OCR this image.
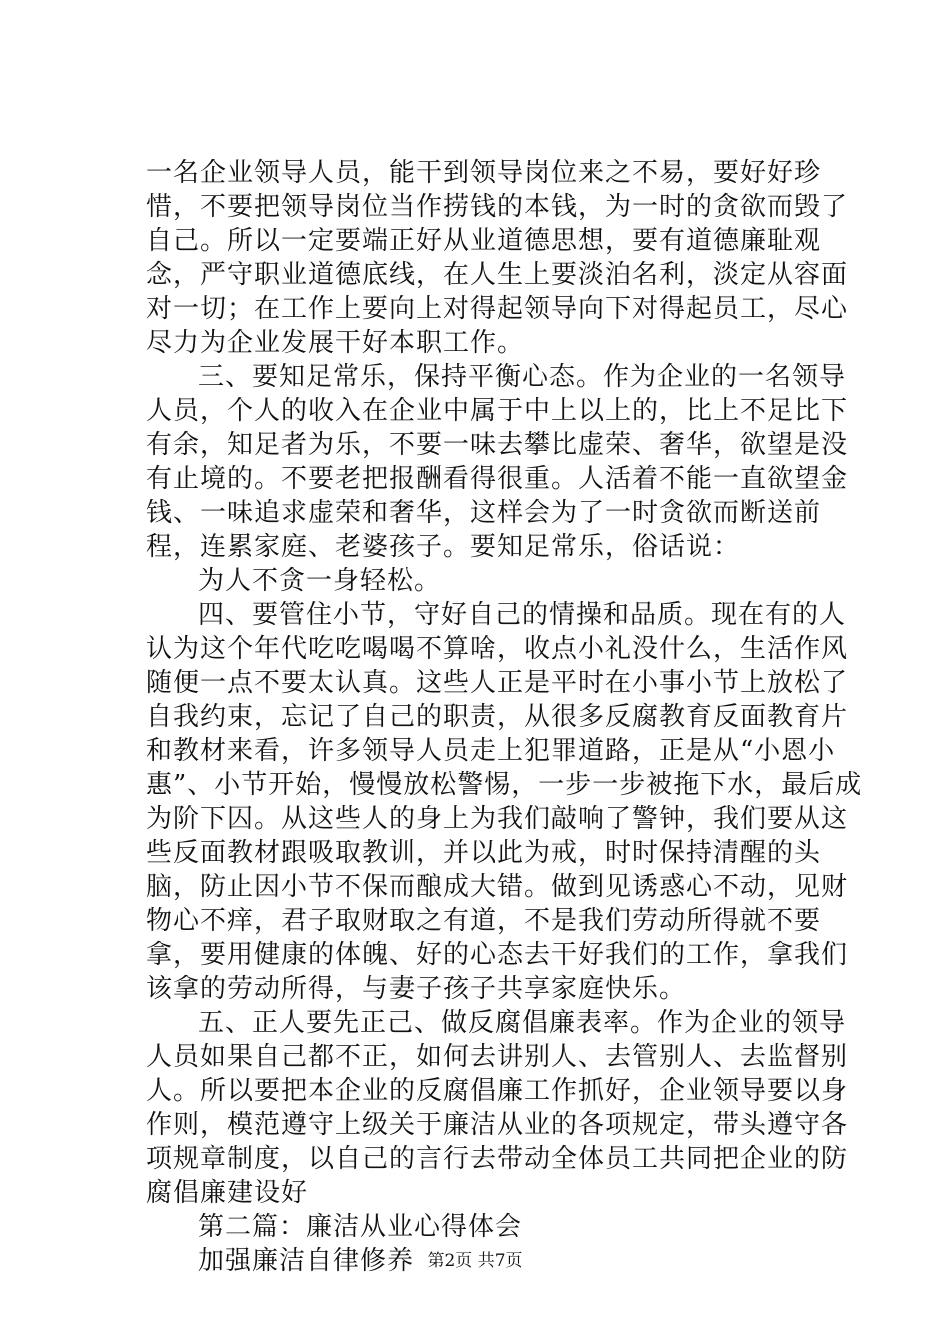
一名企业领导人员，能干到领导岗位来之不易，要好好珍惜，不要把领导岗位当作捞钱的本钱，为一时的贪欲而毁了自己。所以一定要端正好从业道德思想，要有道德廉耻观念，严守职业道德底线，在人生上要淡泊名利，淡定从容面对一切；在工作上要向上对得起领导向下对得起员工，尽心尽力为企业发展干好本职工作。

三、要知足常乐，保持平衡心态。作为企业的一名领导人员，个人的收入在企业中属于中上以上的，比上不足比下有余，知足者为乐，不要一味去攀比虚荣、奢华，欲望是没有止境的。不要老把报酬看得很重。人活着不能一直欲望金钱、一味追求虚荣和奢华，这样会为了一时贪欲而断送前程，连累家庭、老婆孩子。要知足常乐，俗话说：

为人不贪一身轻松。

四、要管住小节，守好自己的情操和品质。现在有的人认为这个年代吃吃喝喝不算啥，收点小礼没什么，生活作风随便一点不要太认真。这些人正是平时在小事小节上放松了自我约束，忘记了自己的职责，从很多反腐教育反面教育片和教材来看，许多领导人员走上犯罪道路，正是从“小恩小惠”、小节开始，慢慢放松警惕，一步一步被拖下水，最后成为阶下囚。从这些人的身上为我们敲响了警钟，我们要从这些反面教材跟吸取教训，并以此为戒，时时保持清醒的头脑，防止因小节不保而酿成大错。做到见诱惑心不动，见财物心不痒，君子取财取之有道，不是我们劳动所得就不要拿，要用健康的体魄、好的心态去干好我们的工作，拿我们该拿的劳动所得，与妻子孩子共享家庭快乐。

五、正人要先正己、做反腐倡廉表率。作为企业的领导人员如果自己都不正，如何去讲别人、去管别人、去监督别人。所以要把本企业的反腐倡廉工作抓好，企业领导要以身作则，模范遵守上级关于廉洁从业的各项规定，带头遵守各项规章制度，以自己的言行去带动全体员工共同把企业的防腐倡廉建设好

第二篇：廉洁从业心得体会

加强廉洁自律修养 第2页 共7页
